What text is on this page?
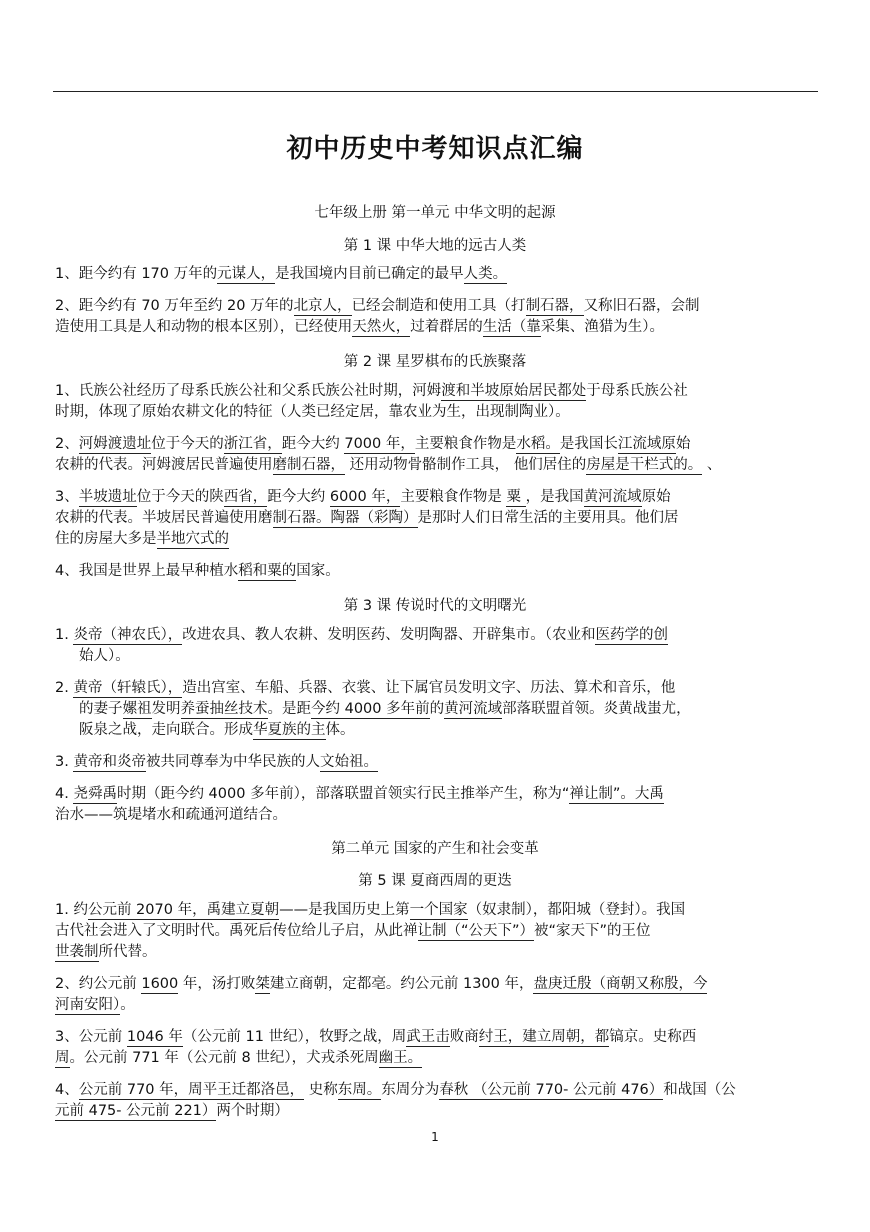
初中历史中考知识点汇编
七年级上册 第一单元 中华文明的起源
第 1 课 中华大地的远古人类
1、距今约有 170 万年的元谋人，是我国境内目前已确定的最早人类。
2、距今约有 70 万年至约 20 万年的北京人，已经会制造和使用工具（打制石器，又称旧石器，会制
造使用工具是人和动物的根本区别），已经使用天然火，过着群居的生活（靠采集、渔猎为生）。
第 2 课 星罗棋布的氏族聚落
1、氏族公社经历了母系氏族公社和父系氏族公社时期，河姆渡和半坡原始居民都处于母系氏族公社
时期，体现了原始农耕文化的特征（人类已经定居，靠农业为生，出现制陶业）。
2、河姆渡遗址位于今天的浙江省，距今大约 7000 年，主要粮食作物是水稻。是我国长江流域原始
农耕的代表。河姆渡居民普遍使用磨制石器， 还用动物骨骼制作工具， 他们居住的房屋是干栏式的。 、
3、半坡遗址位于今天的陕西省，距今大约 6000 年，主要粮食作物是 粟 ，是我国黄河流域原始
农耕的代表。半坡居民普遍使用磨制石器。陶器（彩陶）是那时人们日常生活的主要用具。他们居
住的房屋大多是半地穴式的
4、我国是世界上最早种植水稻和粟的国家。
第 3 课 传说时代的文明曙光
1. 炎帝（神农氏），改进农具、教人农耕、发明医药、发明陶器、开辟集市。（农业和医药学的创
始人）。
2. 黄帝（轩辕氏），造出宫室、车船、兵器、衣裳、让下属官员发明文字、历法、算术和音乐，他
的妻子嫘祖发明养蚕抽丝技术。是距今约 4000 多年前的黄河流域部落联盟首领。炎黄战蚩尤，
阪泉之战，走向联合。形成华夏族的主体。
3. 黄帝和炎帝被共同尊奉为中华民族的人文始祖。
4. 尧舜禹时期（距今约 4000 多年前），部落联盟首领实行民主推举产生，称为“禅让制”。大禹
治水——筑堤堵水和疏通河道结合。
第二单元 国家的产生和社会变革
第 5 课 夏商西周的更迭
1. 约公元前 2070 年，禹建立夏朝——是我国历史上第一个国家（奴隶制），都阳城（登封）。我国
古代社会进入了文明时代。禹死后传位给儿子启，从此禅让制（“公天下”）被“家天下”的王位
世袭制所代替。
2、约公元前 1600 年，汤打败桀建立商朝，定都亳。约公元前 1300 年，盘庚迁殷（商朝又称殷，今
河南安阳）。
3、公元前 1046 年（公元前 11 世纪），牧野之战，周武王击败商纣王，建立周朝，都镐京。史称西
周。公元前 771 年（公元前 8 世纪），犬戎杀死周幽王。
4、公元前 770 年，周平王迁都洛邑， 史称东周。东周分为春秋 （公元前 770- 公元前 476）和战国（公
元前 475- 公元前 221）两个时期）
1
